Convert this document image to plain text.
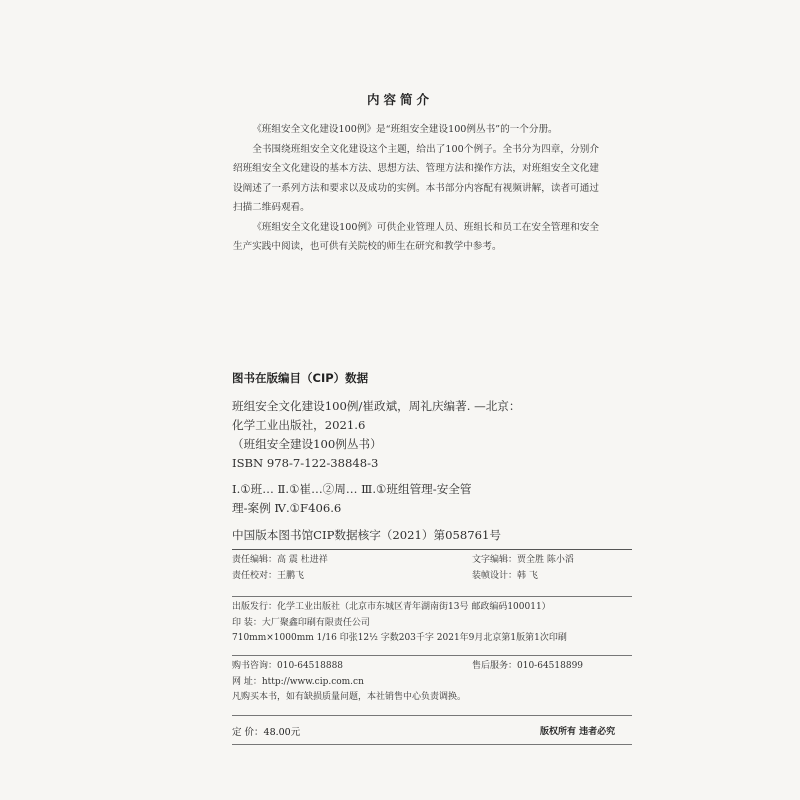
内容简介

《班组安全文化建设100例》是“班组安全建设100例丛书”的一个分册。

全书围绕班组安全文化建设这个主题，给出了100个例子。全书分为四章，分别介绍班组安全文化建设的基本方法、思想方法、管理方法和操作方法，对班组安全文化建设阐述了一系列方法和要求以及成功的实例。本书部分内容配有视频讲解，读者可通过扫描二维码观看。

《班组安全文化建设100例》可供企业管理人员、班组长和员工在安全管理和安全生产实践中阅读，也可供有关院校的师生在研究和教学中参考。

图书在版编目（CIP）数据
班组安全文化建设100例/崔政斌，周礼庆编著. —北京：
化学工业出版社，2021.6
（班组安全建设100例丛书）
ISBN 978-7-122-38848-3
Ⅰ.①班… Ⅱ.①崔…②周… Ⅲ.①班组管理-安全管
理-案例 Ⅳ.①F406.6
中国版本图书馆CIP数据核字（2021）第058761号
责任编辑：高 震 杜进祥	文字编辑：贾全胜 陈小滔
责任校对：王鹏飞	装帧设计：韩 飞
出版发行：化学工业出版社（北京市东城区青年湖南街13号 邮政编码100011）
印 装：大厂聚鑫印刷有限责任公司
710mm×1000mm 1/16 印张12½ 字数203千字 2021年9月北京第1版第1次印刷
购书咨询：010-64518888	售后服务：010-64518899
网 址：http://www.cip.com.cn
凡购买本书，如有缺损质量问题，本社销售中心负责调换。
定 价：48.00元	版权所有 违者必究
